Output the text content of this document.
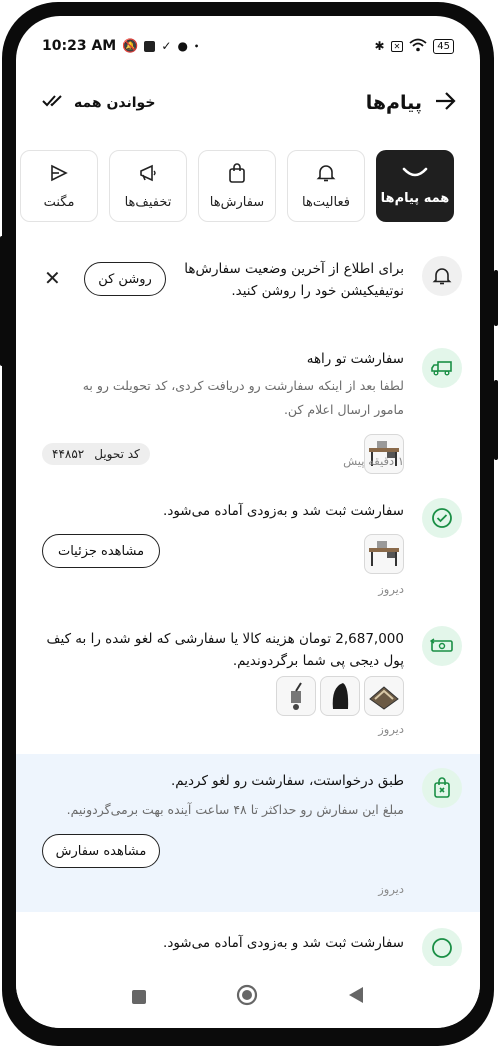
10:23 AM 🔕 ✓ ● •	✱	✕	45
خواندن همه	پیام‌ها
همه پیام‌ها
فعالیت‌ها
سفارش‌ها
تخفیف‌ها
مگنت
برای اطلاع از آخرین وضعیت سفارش‌ها
نوتیفیکیشن خود را روشن کنید.
روشن کن
✕
سفارشت تو راهه
لطفا بعد از اینکه سفارشت رو دریافت کردی، کد تحویلت رو به
مامور ارسال اعلام کن.
کد تحویل
۴۴۸۵۲	۱ دقیقه پیش
سفارشت ثبت شد و به‌زودی آماده می‌شود.
مشاهده جزئیات
دیروز
2,687,000 تومان هزینه کالا یا سفارشی که لغو شده را به کیف
پول دیجی پی شما برگردوندیم.
دیروز
طبق درخواستت، سفارشت رو لغو کردیم.
مبلغ این سفارش رو حداکثر تا ۴۸ ساعت آینده بهت برمی‌گردونیم.
مشاهده سفارش
دیروز
سفارشت ثبت شد و به‌زودی آماده می‌شود.
